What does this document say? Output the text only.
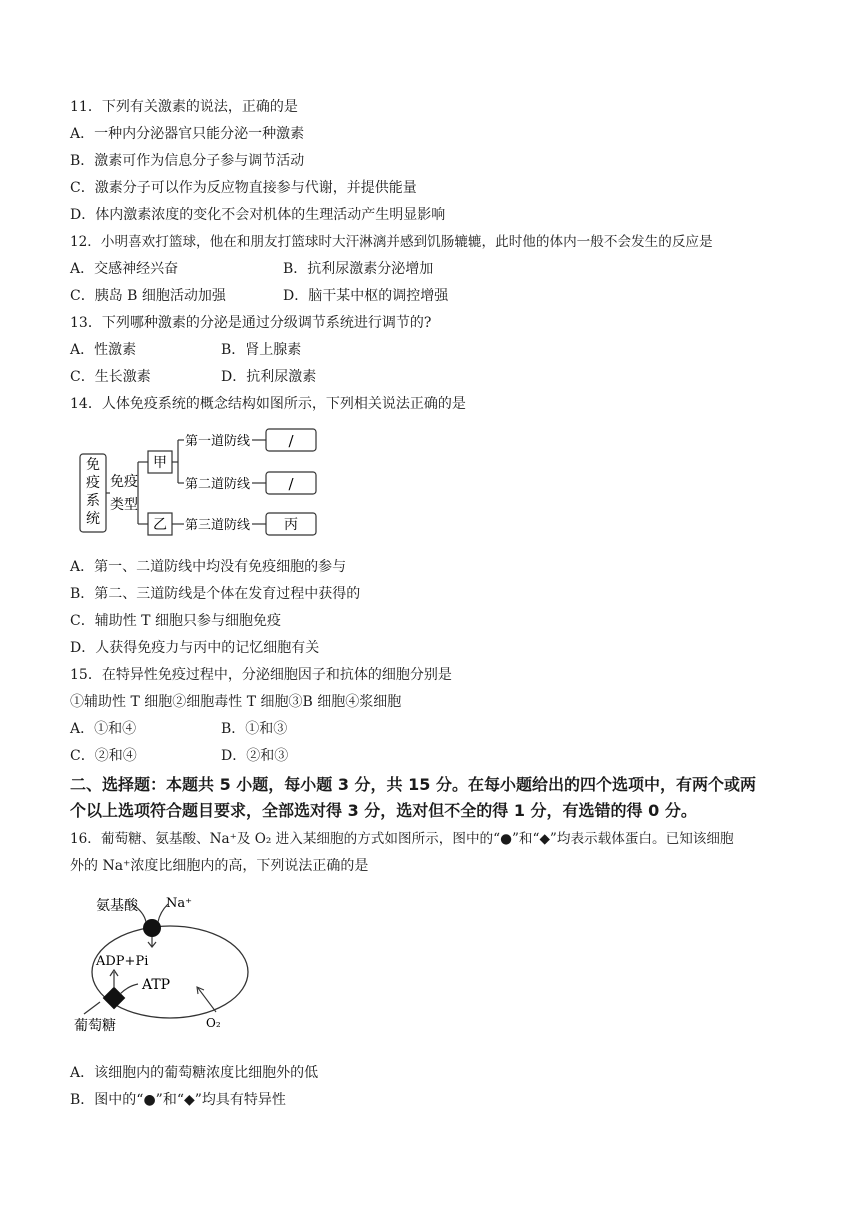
11．下列有关激素的说法，正确的是
A．一种内分泌器官只能分泌一种激素
B．激素可作为信息分子参与调节活动
C．激素分子可以作为反应物直接参与代谢，并提供能量
D．体内激素浓度的变化不会对机体的生理活动产生明显影响
12．小明喜欢打篮球，他在和朋友打篮球时大汗淋漓并感到饥肠辘辘，此时他的体内一般不会发生的反应是
A．交感神经兴奋	B．抗利尿激素分泌增加
C．胰岛 B 细胞活动加强	D．脑干某中枢的调控增强
13．下列哪种激素的分泌是通过分级调节系统进行调节的?
A．性激素	B．肾上腺素
C．生长激素	D．抗利尿激素
14．人体免疫系统的概念结构如图所示，下列相关说法正确的是
免
疫
系
统
免疫
类型
甲
乙
第一道防线
第二道防线
第三道防线
/
/
丙
A．第一、二道防线中均没有免疫细胞的参与
B．第二、三道防线是个体在发育过程中获得的
C．辅助性 T 细胞只参与细胞免疫
D．人获得免疫力与丙中的记忆细胞有关
15．在特异性免疫过程中，分泌细胞因子和抗体的细胞分别是
①辅助性 T 细胞②细胞毒性 T 细胞③B 细胞④浆细胞
A．①和④	B．①和③
C．②和④	D．②和③
二、选择题：本题共 5 小题，每小题 3 分，共 15 分。在每小题给出的四个选项中，有两个或两
个以上选项符合题目要求，全部选对得 3 分，选对但不全的得 1 分，有选错的得 0 分。
16．葡萄糖、氨基酸、Na⁺及 O₂ 进入某细胞的方式如图所示，图中的“●”和“◆”均表示载体蛋白。已知该细胞
外的 Na⁺浓度比细胞内的高，下列说法正确的是
氨基酸 Na⁺
ADP+Pi
ATP
葡萄糖	O₂
A．该细胞内的葡萄糖浓度比细胞外的低
B．图中的“●”和“◆”均具有特异性
